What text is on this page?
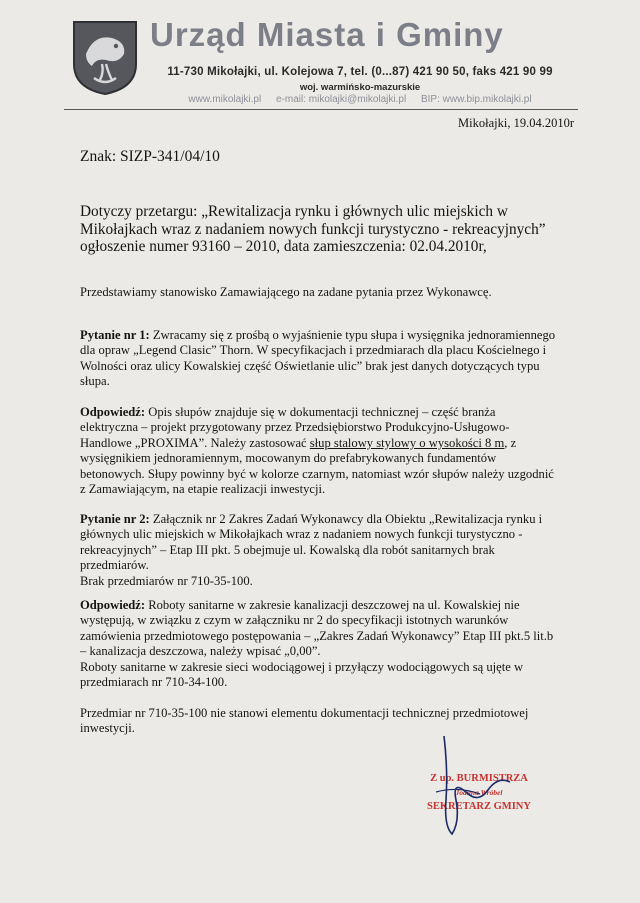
Urząd Miasta i Gminy
11-730 Mikołajki, ul. Kolejowa 7, tel. (0...87) 421 90 50, faks 421 90 99
woj. warmińsko-mazurskie
www.mikolajki.pl e-mail: mikolajki@mikolajki.pl BIP: www.bip.mikolajki.pl
Mikołajki, 19.04.2010r
Znak: SIZP-341/04/10
Dotyczy przetargu: „Rewitalizacja rynku i głównych ulic miejskich w
Mikołajkach wraz z nadaniem nowych funkcji turystyczno - rekreacyjnych”
ogłoszenie numer 93160 – 2010, data zamieszczenia: 02.04.2010r,
Przedstawiamy stanowisko Zamawiającego na zadane pytania przez Wykonawcę.
Pytanie nr 1: Zwracamy się z prośbą o wyjaśnienie typu słupa i wysięgnika jednoramiennego
dla opraw „Legend Clasic” Thorn. W specyfikacjach i przedmiarach dla placu Kościelnego i
Wolności oraz ulicy Kowalskiej część Oświetlanie ulic” brak jest danych dotyczących typu
słupa.
Odpowiedź: Opis słupów znajduje się w dokumentacji technicznej – część branża
elektryczna – projekt przygotowany przez Przedsiębiorstwo Produkcyjno-Usługowo-
Handlowe „PROXIMA”. Należy zastosować słup stalowy stylowy o wysokości 8 m, z
wysięgnikiem jednoramiennym, mocowanym do prefabrykowanych fundamentów
betonowych. Słupy powinny być w kolorze czarnym, natomiast wzór słupów należy uzgodnić
z Zamawiającym, na etapie realizacji inwestycji.
Pytanie nr 2: Załącznik nr 2 Zakres Zadań Wykonawcy dla Obiektu „Rewitalizacja rynku i
głównych ulic miejskich w Mikołajkach wraz z nadaniem nowych funkcji turystyczno -
rekreacyjnych” – Etap III pkt. 5 obejmuje ul. Kowalską dla robót sanitarnych brak
przedmiarów.
Brak przedmiarów nr 710-35-100.
Odpowiedź: Roboty sanitarne w zakresie kanalizacji deszczowej na ul. Kowalskiej nie
występują, w związku z czym w załączniku nr 2 do specyfikacji istotnych warunków
zamówienia przedmiotowego postępowania – „Zakres Zadań Wykonawcy” Etap III pkt.5 lit.b
– kanalizacja deszczowa, należy wpisać „0,00”.
Roboty sanitarne w zakresie sieci wodociągowej i przyłączy wodociągowych są ujęte w
przedmiarach nr 710-34-100.
Przedmiar nr 710-35-100 nie stanowi elementu dokumentacji technicznej przedmiotowej
inwestycji.
Z up. BURMISTRZA
Joanna Wróbel
SEKRETARZ GMINY
